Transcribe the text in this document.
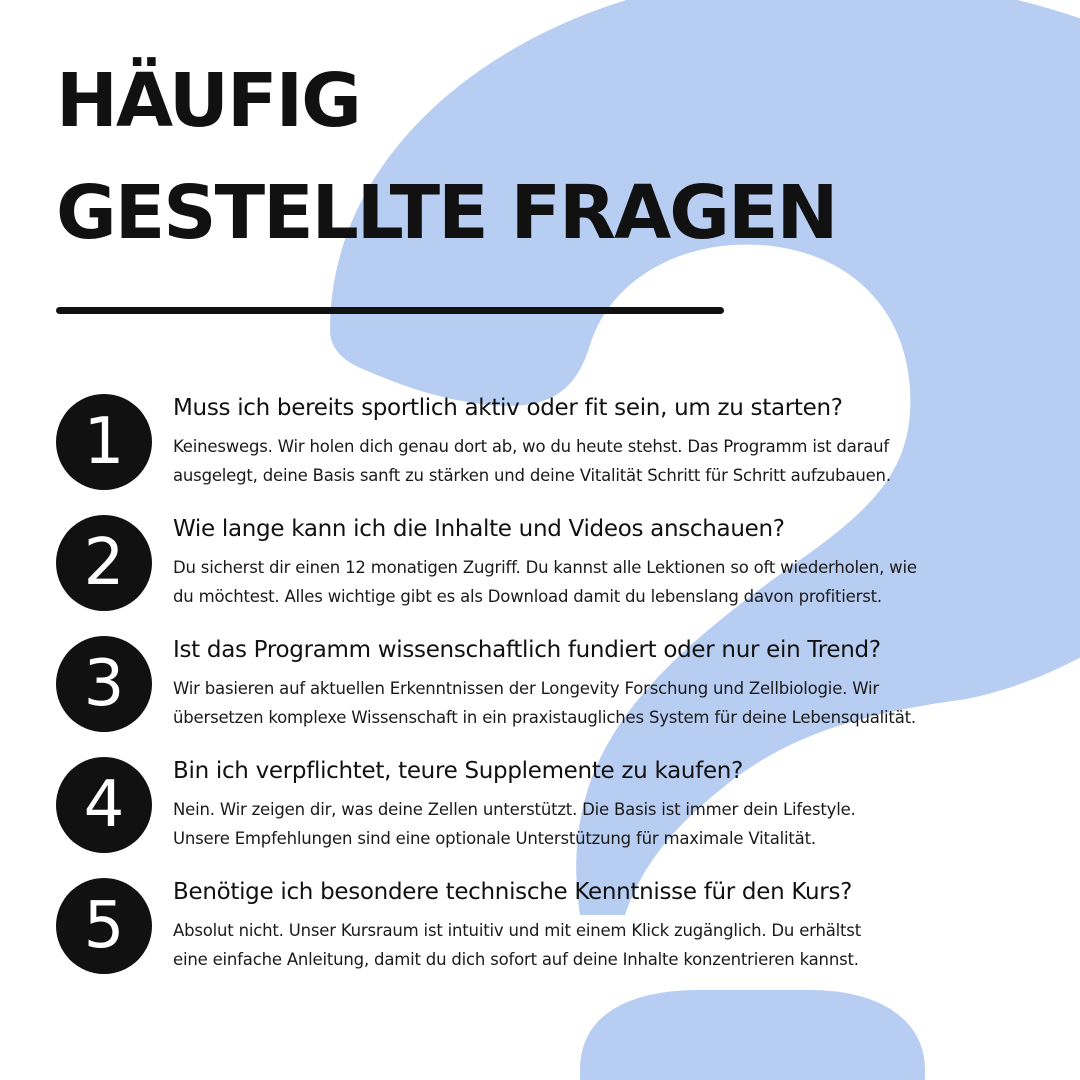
HÄUFIG
GESTELLTE FRAGEN
1	Muss ich bereits sportlich aktiv oder fit sein, um zu starten?

Keineswegs. Wir holen dich genau dort ab, wo du heute stehst. Das Programm ist darauf
ausgelegt, deine Basis sanft zu stärken und deine Vitalität Schritt für Schritt aufzubauen.

2	Wie lange kann ich die Inhalte und Videos anschauen?

Du sicherst dir einen 12 monatigen Zugriff. Du kannst alle Lektionen so oft wiederholen, wie
du möchtest. Alles wichtige gibt es als Download damit du lebenslang davon profitierst.

3	Ist das Programm wissenschaftlich fundiert oder nur ein Trend?

Wir basieren auf aktuellen Erkenntnissen der Longevity Forschung und Zellbiologie. Wir
übersetzen komplexe Wissenschaft in ein praxistaugliches System für deine Lebensqualität.

4	Bin ich verpflichtet, teure Supplemente zu kaufen?

Nein. Wir zeigen dir, was deine Zellen unterstützt. Die Basis ist immer dein Lifestyle.
Unsere Empfehlungen sind eine optionale Unterstützung für maximale Vitalität.

5	Benötige ich besondere technische Kenntnisse für den Kurs?

Absolut nicht. Unser Kursraum ist intuitiv und mit einem Klick zugänglich. Du erhältst
eine einfache Anleitung, damit du dich sofort auf deine Inhalte konzentrieren kannst.
